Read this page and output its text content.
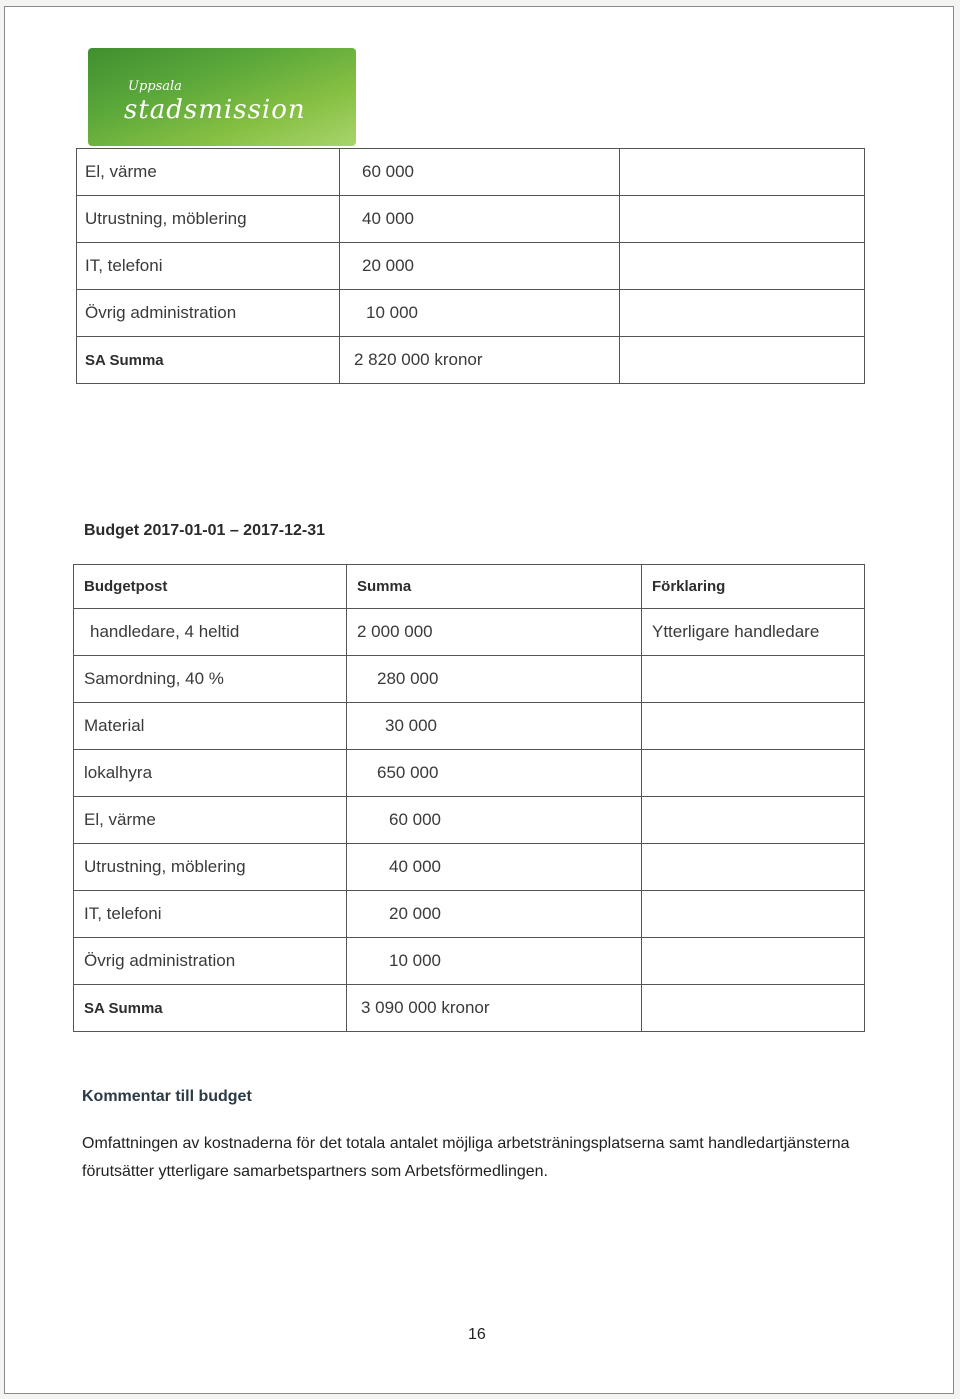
Uppsala
stadsmission
El, värme	60 000	
Utrustning, möblering	40 000	
IT, telefoni	20 000	
Övrig administration	10 000	
SA Summa	2 820 000 kronor	
Budget 2017-01-01 – 2017-12-31
Budgetpost	Summa	Förklaring
handledare, 4 heltid	2 000 000	Ytterligare handledare
Samordning, 40 %	280 000	
Material	30 000	
lokalhyra	650 000	
El, värme	60 000	
Utrustning, möblering	40 000	
IT, telefoni	20 000	
Övrig administration	10 000	
SA Summa	3 090 000 kronor	
Kommentar till budget
Omfattningen av kostnaderna för det totala antalet möjliga arbetsträningsplatserna samt handledartjänsterna förutsätter ytterligare samarbetspartners som Arbetsförmedlingen.
16
